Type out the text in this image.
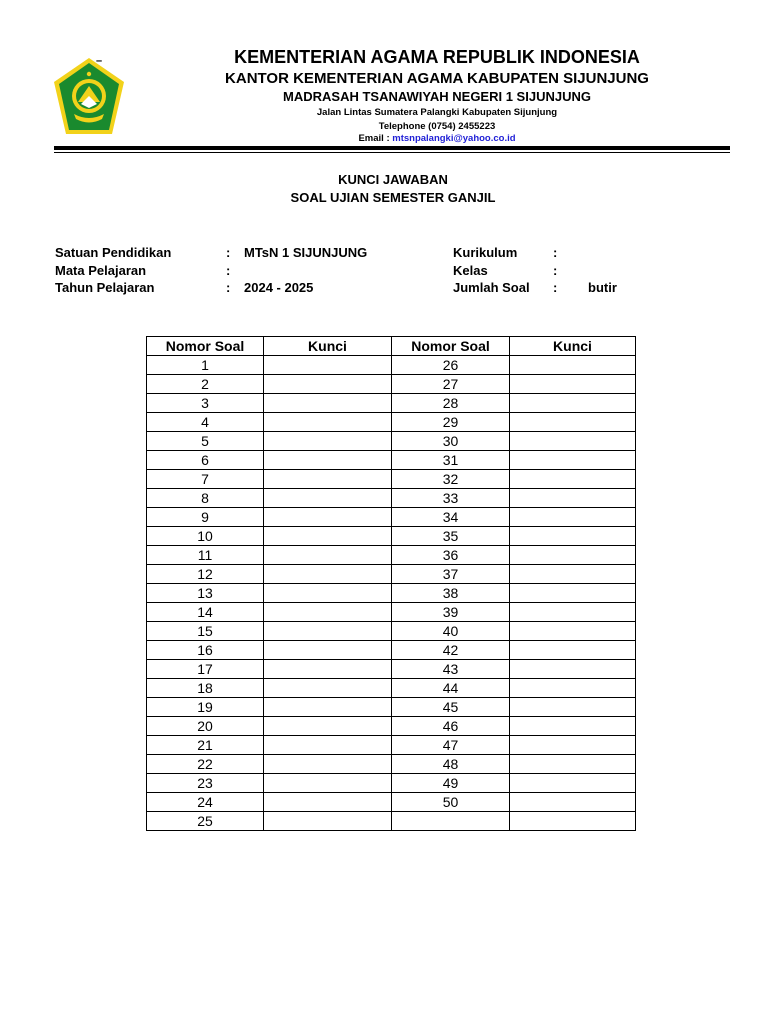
–	KEMENTERIAN AGAMA REPUBLIK INDONESIA
KANTOR KEMENTERIAN AGAMA KABUPATEN SIJUNJUNG
MADRASAH TSANAWIYAH NEGERI 1 SIJUNJUNG
Jalan Lintas Sumatera Palangki Kabupaten Sijunjung
Telephone (0754) 2455223
Email : mtsnpalangki@yahoo.co.id
KUNCI JAWABAN
SOAL UJIAN SEMESTER GANJIL
Satuan Pendidikan	: MTsN 1 SIJUNJUNG
Mata Pelajaran	:
Tahun Pelajaran	: 2024 - 2025
Kurikulum	:
Kelas	:
Jumlah Soal : butir
Nomor Soal	Kunci	Nomor Soal	Kunci
1		26	
2		27	
3		28	
4		29	
5		30	
6		31	
7		32	
8		33	
9		34	
10		35	
11		36	
12		37	
13		38	
14		39	
15		40	
16		42	
17		43	
18		44	
19		45	
20		46	
21		47	
22		48	
23		49	
24		50	
25			
